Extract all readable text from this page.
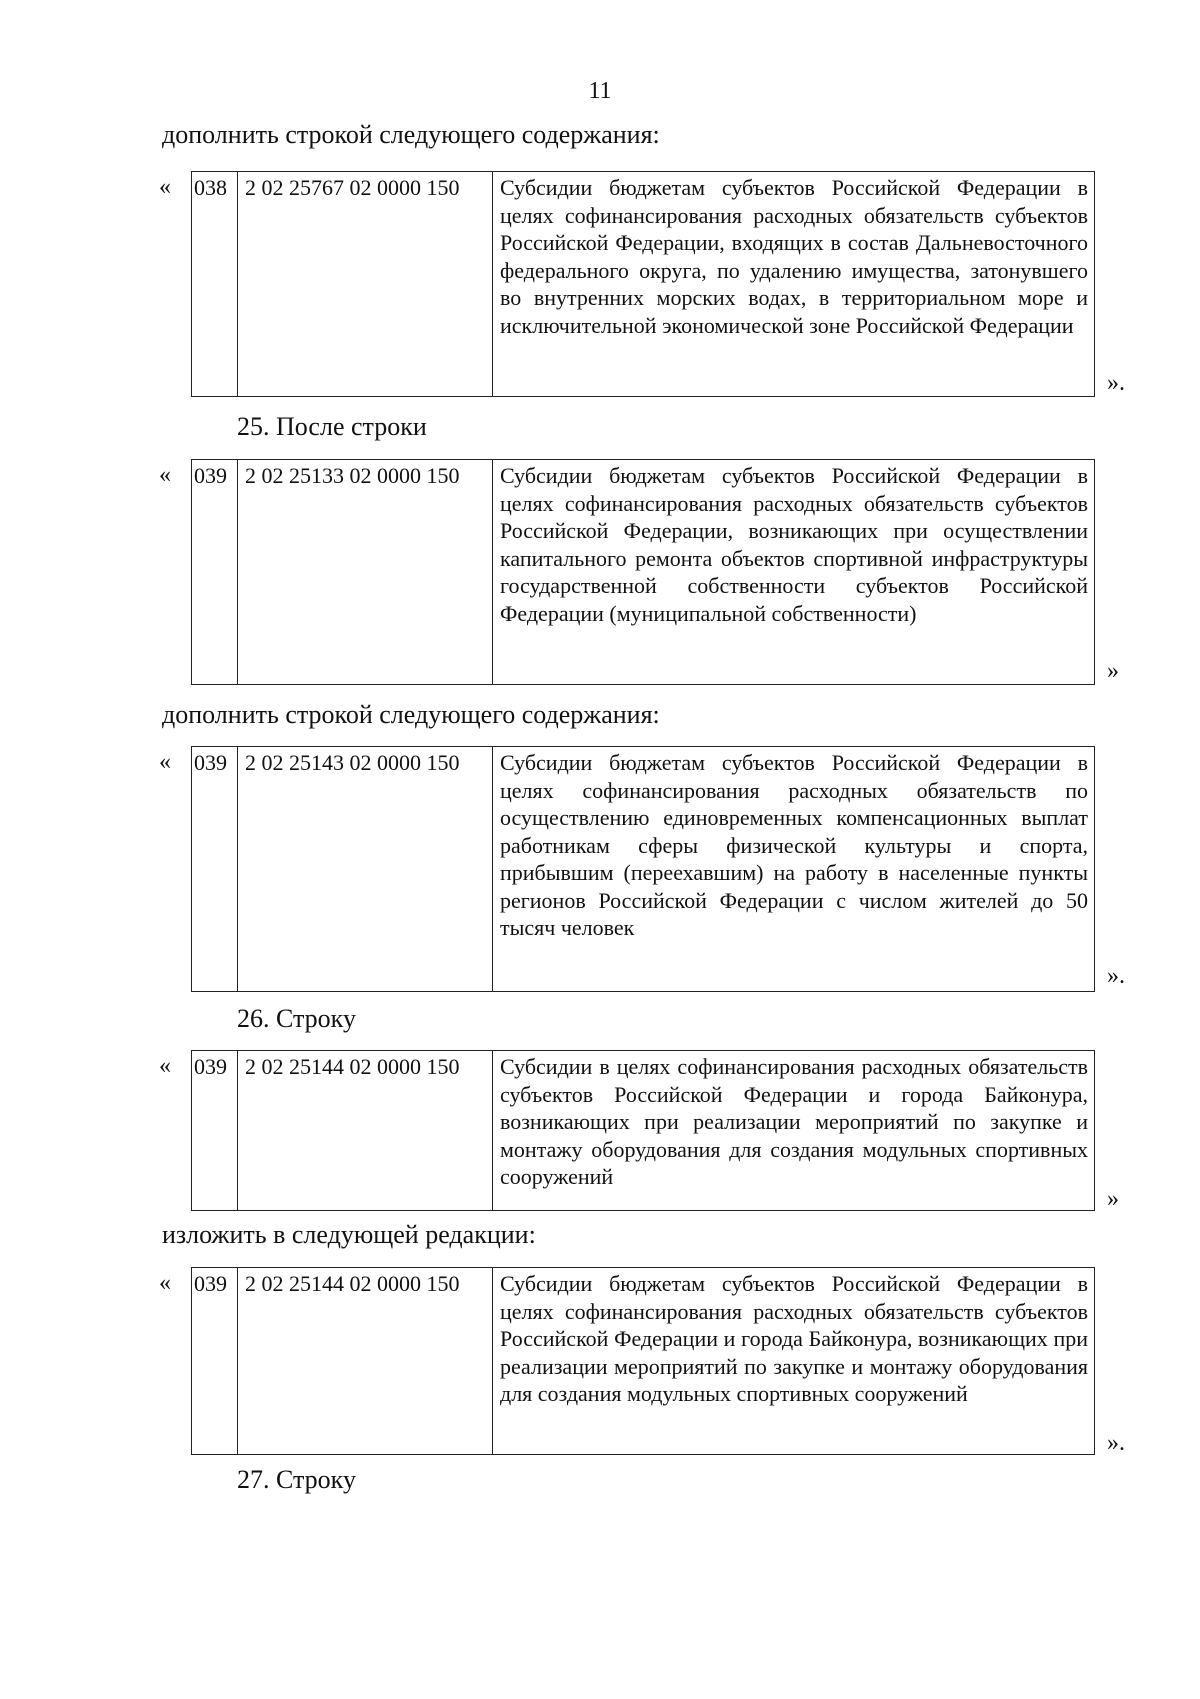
11
дополнить строкой следующего содержания:
« 038	2 02 25767 02 0000 150	Субсидии бюджетам субъектов Российской Федерации в целях софинансирования расходных обязательств субъектов Российской Федерации, входящих в состав Дальневосточного федерального округа, по удалению имущества, затонувшего во внутренних морских водах, в территориальном море и исключительной экономической зоне Российской Федерации
».
25. После строки
« 039	2 02 25133 02 0000 150	Субсидии бюджетам субъектов Российской Федерации в целях софинансирования расходных обязательств субъектов Российской Федерации, возникающих при осуществлении капитального ремонта объектов спортивной инфраструктуры государственной собственности субъектов Российской Федерации (муниципальной собственности)
»
дополнить строкой следующего содержания:
« 039	2 02 25143 02 0000 150	Субсидии бюджетам субъектов Российской Федерации в целях софинансирования расходных обязательств по осуществлению единовременных компенсационных выплат работникам сферы физической культуры и спорта, прибывшим (переехавшим) на работу в населенные пункты регионов Российской Федерации с числом жителей до 50 тысяч человек
».
26. Строку
« 039	2 02 25144 02 0000 150	Субсидии в целях софинансирования расходных обязательств субъектов Российской Федерации и города Байконура, возникающих при реализации мероприятий по закупке и монтажу оборудования для создания модульных спортивных сооружений
»
изложить в следующей редакции:
« 039	2 02 25144 02 0000 150	Субсидии бюджетам субъектов Российской Федерации в целях софинансирования расходных обязательств субъектов Российской Федерации и города Байконура, возникающих при реализации мероприятий по закупке и монтажу оборудования для создания модульных спортивных сооружений
».
27. Строку
